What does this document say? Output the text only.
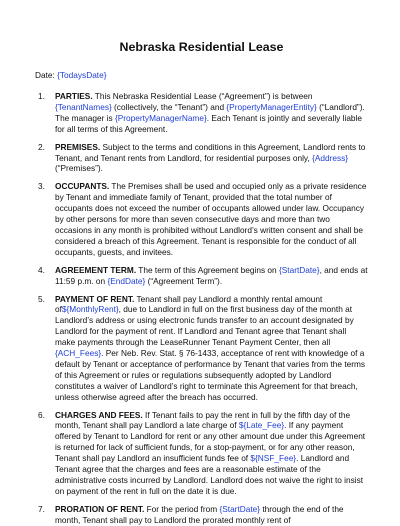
Nebraska Residential Lease
Date: {TodaysDate}
1. PARTIES. This Nebraska Residential Lease (“Agreement”) is between {TenantNames} (collectively, the “Tenant”) and {PropertyManagerEntity} (“Landlord”). The manager is {PropertyManagerName}. Each Tenant is jointly and severally liable for all terms of this Agreement.
2. PREMISES. Subject to the terms and conditions in this Agreement, Landlord rents to Tenant, and Tenant rents from Landlord, for residential purposes only, {Address} (“Premises”).
3. OCCUPANTS. The Premises shall be used and occupied only as a private residence by Tenant and immediate family of Tenant, provided that the total number of occupants does not exceed the number of occupants allowed under law. Occupancy by other persons for more than seven consecutive days and more than two occasions in any month is prohibited without Landlord’s written consent and shall be considered a breach of this Agreement. Tenant is responsible for the conduct of all occupants, guests, and invitees.
4. AGREEMENT TERM. The term of this Agreement begins on {StartDate}, and ends at 11:59 p.m. on {EndDate} (“Agreement Term”).
5. PAYMENT OF RENT. Tenant shall pay Landlord a monthly rental amount of${MonthlyRent}, due to Landlord in full on the first business day of the month at Landlord’s address or using electronic funds transfer to an account designated by Landlord for the payment of rent. If Landlord and Tenant agree that Tenant shall make payments through the LeaseRunner Tenant Payment Center, then all {ACH_Fees}. Per Neb. Rev. Stat. § 76-1433, acceptance of rent with knowledge of a default by Tenant or acceptance of performance by Tenant that varies from the terms of this Agreement or rules or regulations subsequently adopted by Landlord constitutes a waiver of Landlord’s right to terminate this Agreement for that breach, unless otherwise agreed after the breach has occurred.
6. CHARGES AND FEES. If Tenant fails to pay the rent in full by the fifth day of the month, Tenant shall pay Landlord a late charge of ${Late_Fee}. If any payment offered by Tenant to Landlord for rent or any other amount due under this Agreement is returned for lack of sufficient funds, for a stop-payment, or for any other reason, Tenant shall pay Landlord an insufficient funds fee of ${NSF_Fee}. Landlord and Tenant agree that the charges and fees are a reasonable estimate of the administrative costs incurred by Landlord. Landlord does not waive the right to insist on payment of the rent in full on the date it is due.
7. PRORATION OF RENT. For the period from {StartDate} through the end of the month, Tenant shall pay to Landlord the prorated monthly rent of
